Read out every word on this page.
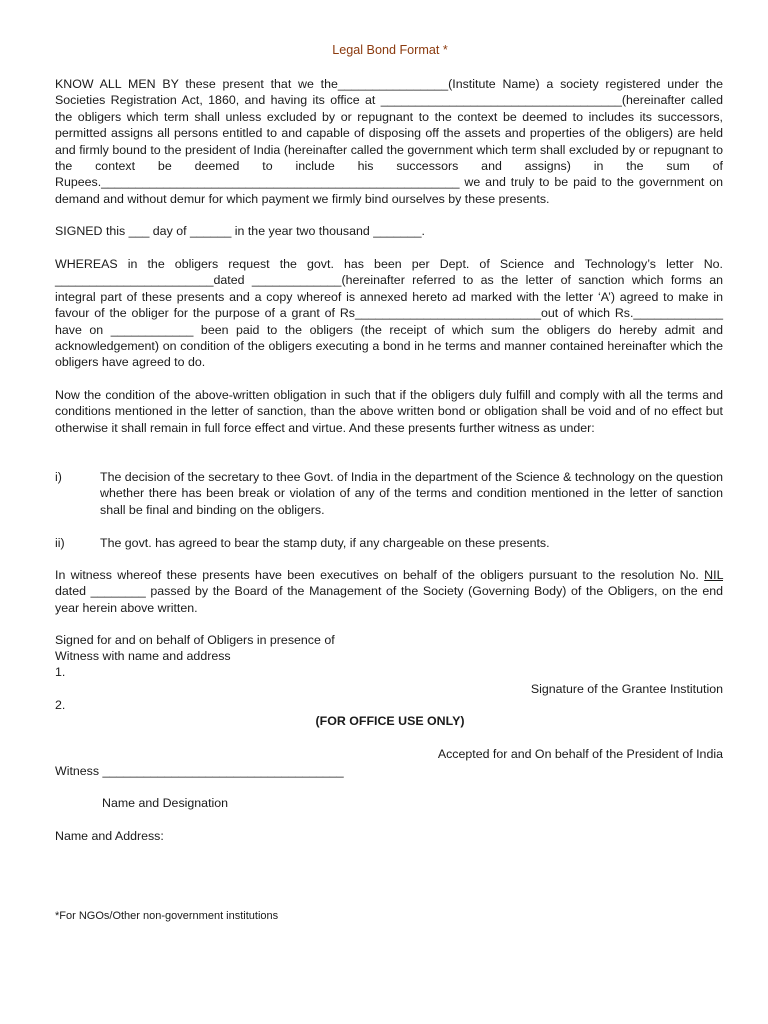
Legal Bond Format *

KNOW ALL MEN BY these present that we the________________(Institute Name) a society registered under the Societies Registration Act, 1860, and having its office at ___________________________________(hereinafter called the obligers which term shall unless excluded by or repugnant to the context be deemed to includes its successors, permitted assigns all persons entitled to and capable of disposing off the assets and properties of the obligers) are held and firmly bound to the president of India (hereinafter called the government which term shall excluded by or repugnant to the context be deemed to include his successors and assigns) in the sum of Rupees.____________________________________________________ we and truly to be paid to the government on demand and without demur for which payment we firmly bind ourselves by these presents.

SIGNED this ___ day of ______ in the year two thousand _______.

WHEREAS in the obligers request the govt. has been per Dept. of Science and Technology’s letter No. _______________________dated _____________(hereinafter referred to as the letter of sanction which forms an integral part of these presents and a copy whereof is annexed hereto ad marked with the letter ‘A’) agreed to make in favour of the obliger for the purpose of a grant of Rs___________________________out of which Rs._____________ have on ____________ been paid to the obligers (the receipt of which sum the obligers do hereby admit and acknowledgement) on condition of the obligers executing a bond in he terms and manner contained hereinafter which the obligers have agreed to do.

Now the condition of the above-written obligation in such that if the obligers duly fulfill and comply with all the terms and conditions mentioned in the letter of sanction, than the above written bond or obligation shall be void and of no effect but otherwise it shall remain in full force effect and virtue. And these presents further witness as under:

i)	The decision of the secretary to thee Govt. of India in the department of the Science & technology on the question whether there has been break or violation of any of the terms and condition mentioned in the letter of sanction shall be final and binding on the obligers.
ii)	The govt. has agreed to bear the stamp duty, if any chargeable on these presents.

In witness whereof these presents have been executives on behalf of the obligers pursuant to the resolution No. NIL dated ________ passed by the Board of the Management of the Society (Governing Body) of the Obligers, on the end year herein above written.

Signed for and on behalf of Obligers in presence of
Witness with name and address
1.
Signature of the Grantee Institution
2.
(FOR OFFICE USE ONLY)
Accepted for and On behalf of the President of India
Witness ___________________________________
Name and Designation
Name and Address:
*For NGOs/Other non-government institutions
